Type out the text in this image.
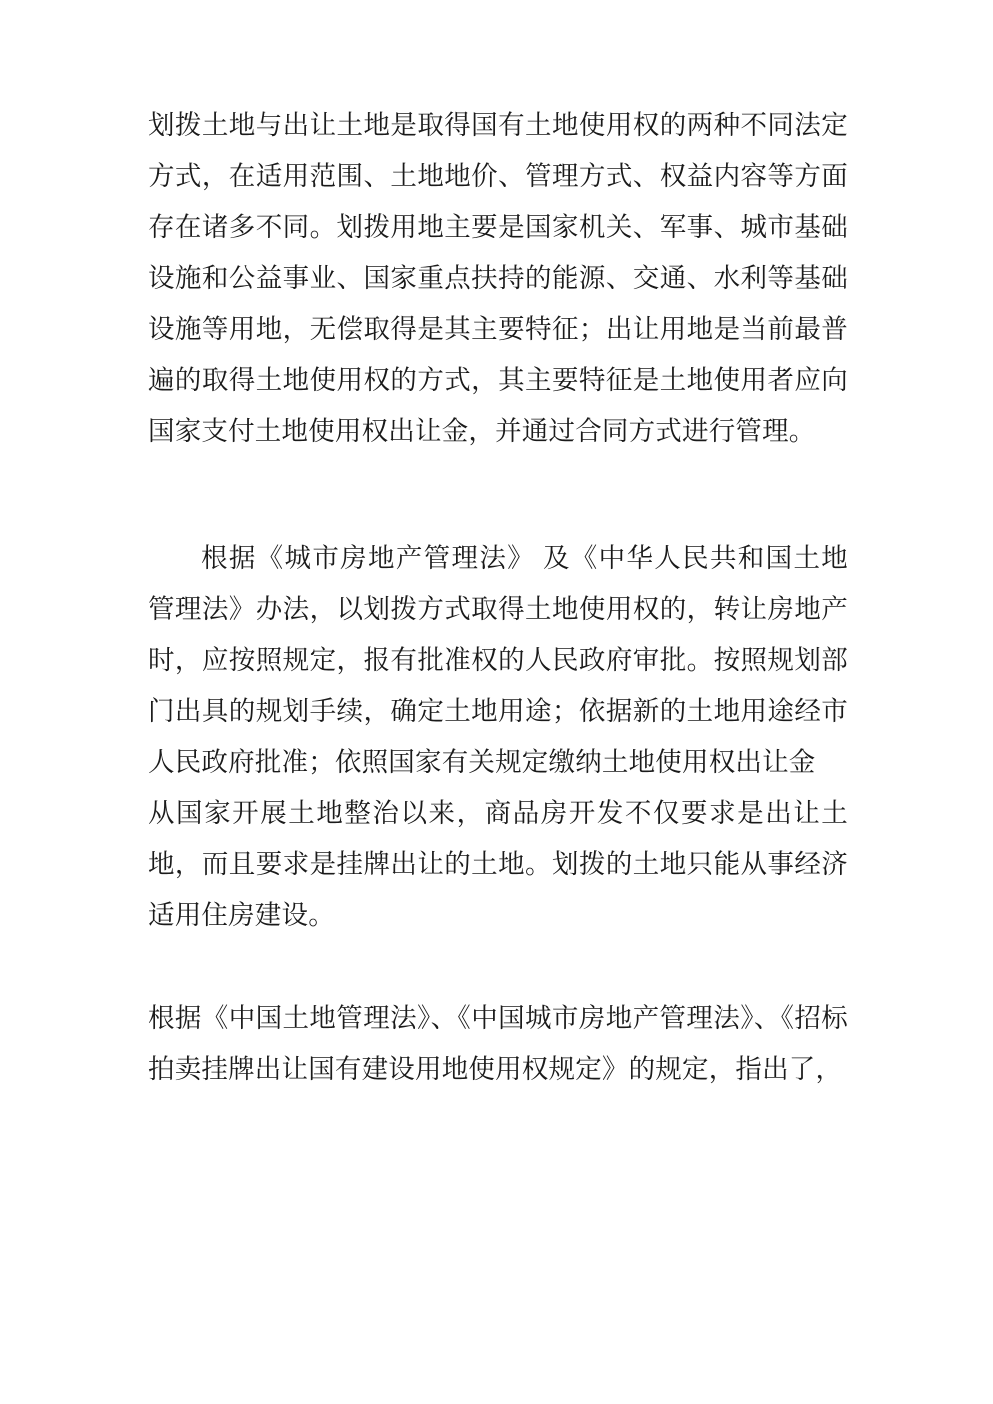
划拨土地与出让土地是取得国有土地使用权的两种不同法定方式，在适用范围、土地地价、管理方式、权益内容等方面存在诸多不同。划拨用地主要是国家机关、军事、城市基础设施和公益事业、国家重点扶持的能源、交通、水利等基础设施等用地，无偿取得是其主要特征；出让用地是当前最普遍的取得土地使用权的方式，其主要特征是土地使用者应向国家支付土地使用权出让金，并通过合同方式进行管理。

根据《城市房地产管理法》 及《中华人民共和国土地管理法》办法，以划拨方式取得土地使用权的，转让房地产时，应按照规定，报有批准权的人民政府审批。按照规划部门出具的规划手续，确定土地用途；依据新的土地用途经市人民政府批准；依照国家有关规定缴纳土地使用权出让金

从国家开展土地整治以来，商品房开发不仅要求是出让土地，而且要求是挂牌出让的土地。划拨的土地只能从事经济适用住房建设。

根据《中国土地管理法》、《中国城市房地产管理法》、《招标拍卖挂牌出让国有建设用地使用权规定》的规定，指出了，
